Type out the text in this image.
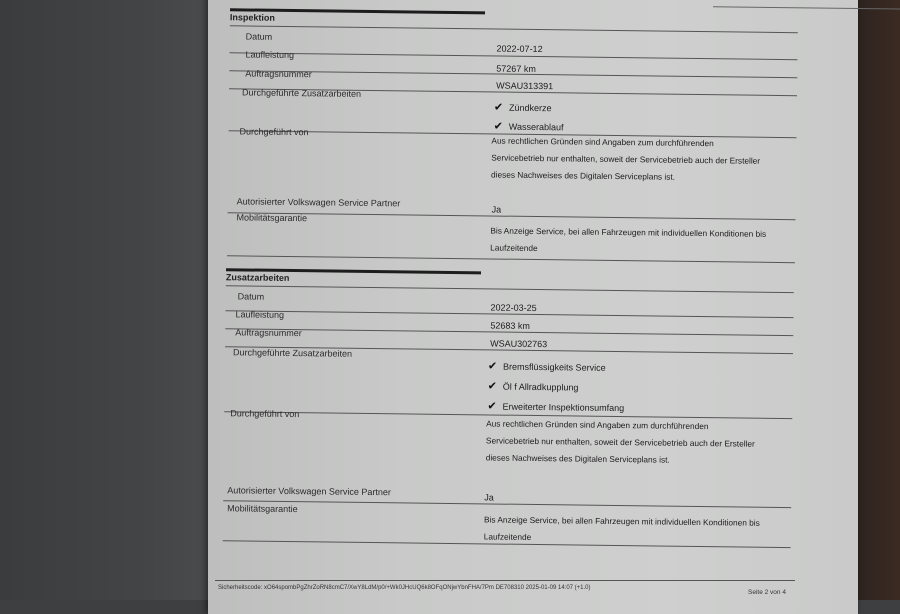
Inspektion
Datum
2022-07-12
Laufleistung
57267 km
Auftragsnummer
WSAU313391
Durchgeführte Zusatzarbeiten
✔ Zündkerze
✔ Wasserablauf
Durchgeführt von
Aus rechtlichen Gründen sind Angaben zum durchführenden
Servicebetrieb nur enthalten, soweit der Servicebetrieb auch der Ersteller
dieses Nachweises des Digitalen Serviceplans ist.
Autorisierter Volkswagen Service Partner
Ja
Mobilitätsgarantie
Bis Anzeige Service, bei allen Fahrzeugen mit individuellen Konditionen bis
Laufzeitende
Zusatzarbeiten
Datum
2022-03-25
Laufleistung
52683 km
Auftragsnummer
WSAU302763
Durchgeführte Zusatzarbeiten
✔ Bremsflüssigkeits Service
✔ Öl f Allradkupplung
✔ Erweiterter Inspektionsumfang
Durchgeführt von
Aus rechtlichen Gründen sind Angaben zum durchführenden
Servicebetrieb nur enthalten, soweit der Servicebetrieb auch der Ersteller
dieses Nachweises des Digitalen Serviceplans ist.
Autorisierter Volkswagen Service Partner
Ja
Mobilitätsgarantie
Bis Anzeige Service, bei allen Fahrzeugen mit individuellen Konditionen bis
Laufzeitende
Sicherheitscode: xO64spombPgZhrZoRN8cmC7/XwY8LdM/p0/+Wk0JHcUQ6k8OFqONjwYbnFHA/7Pm DE708310 2025-01-09 14:07 (+1.0)
Seite 2 von 4
